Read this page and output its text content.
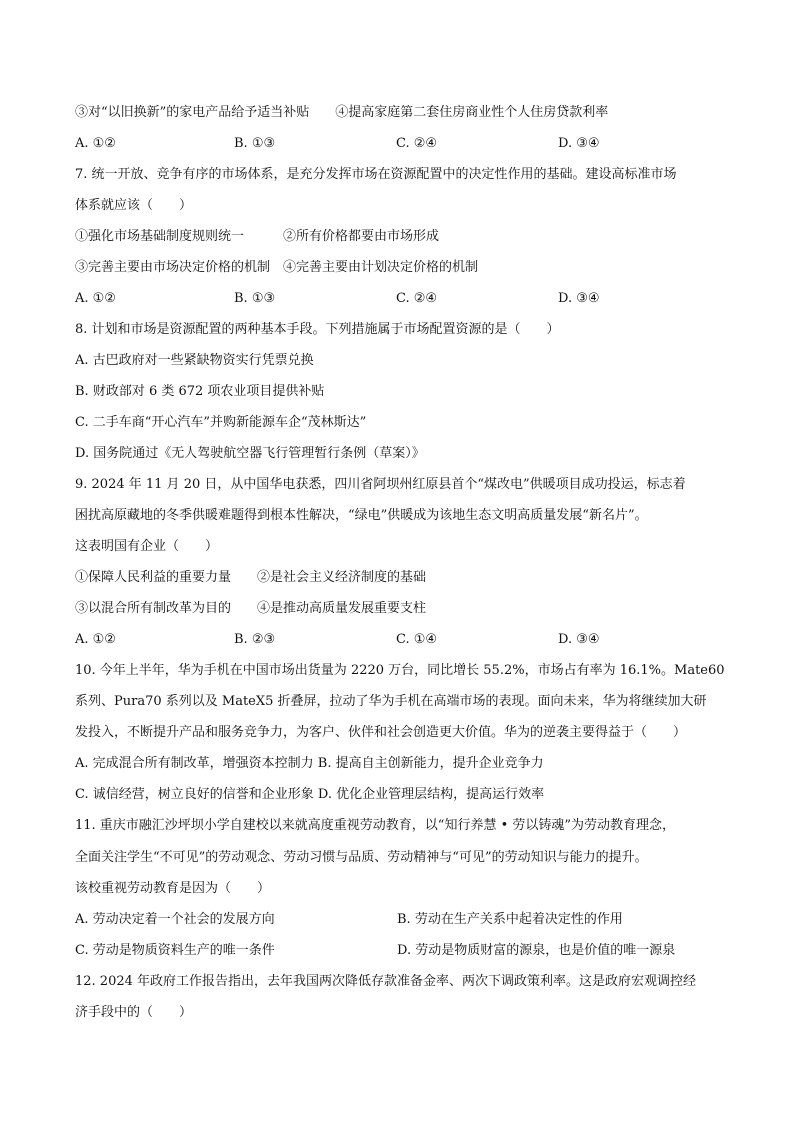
③对“以旧换新”的家电产品给予适当补贴　　④提高家庭第二套住房商业性个人住房贷款利率
A. ①②	B. ①③	C. ②④	D. ③④
7. 统一开放、竞争有序的市场体系，是充分发挥市场在资源配置中的决定性作用的基础。建设高标准市场
体系就应该（　　）
①强化市场基础制度规则统一　　　②所有价格都要由市场形成
③完善主要由市场决定价格的机制　④完善主要由计划决定价格的机制
A. ①②	B. ①③	C. ②④	D. ③④
8. 计划和市场是资源配置的两种基本手段。下列措施属于市场配置资源的是（　　）
A. 古巴政府对一些紧缺物资实行凭票兑换
B. 财政部对 6 类 672 项农业项目提供补贴
C. 二手车商“开心汽车”并购新能源车企“茂林斯达”
D. 国务院通过《无人驾驶航空器飞行管理暂行条例（草案）》
9. 2024 年 11 月 20 日，从中国华电获悉，四川省阿坝州红原县首个“煤改电”供暖项目成功投运，标志着
困扰高原藏地的冬季供暖难题得到根本性解决，“绿电”供暖成为该地生态文明高质量发展“新名片”。
这表明国有企业（　　）
①保障人民利益的重要力量　　②是社会主义经济制度的基础
③以混合所有制改革为目的　　④是推动高质量发展重要支柱
A. ①②	B. ②③	C. ①④	D. ③④
10. 今年上半年，华为手机在中国市场出货量为 2220 万台，同比增长 55.2%，市场占有率为 16.1%。Mate60
系列、Pura70 系列以及 MateX5 折叠屏，拉动了华为手机在高端市场的表现。面向未来，华为将继续加大研
发投入，不断提升产品和服务竞争力，为客户、伙伴和社会创造更大价值。华为的逆袭主要得益于（　　）
A. 完成混合所有制改革，增强资本控制力 B. 提高自主创新能力，提升企业竞争力
C. 诚信经营，树立良好的信誉和企业形象 D. 优化企业管理层结构，提高运行效率
11. 重庆市融汇沙坪坝小学自建校以来就高度重视劳动教育，以“知行养慧 • 劳以铸魂”为劳动教育理念，
全面关注学生“不可见”的劳动观念、劳动习惯与品质、劳动精神与“可见”的劳动知识与能力的提升。
该校重视劳动教育是因为（　　）
A. 劳动决定着一个社会的发展方向	B. 劳动在生产关系中起着决定性的作用
C. 劳动是物质资料生产的唯一条件	D. 劳动是物质财富的源泉，也是价值的唯一源泉
12. 2024 年政府工作报告指出，去年我国两次降低存款准备金率、两次下调政策利率。这是政府宏观调控经
济手段中的（　　）
